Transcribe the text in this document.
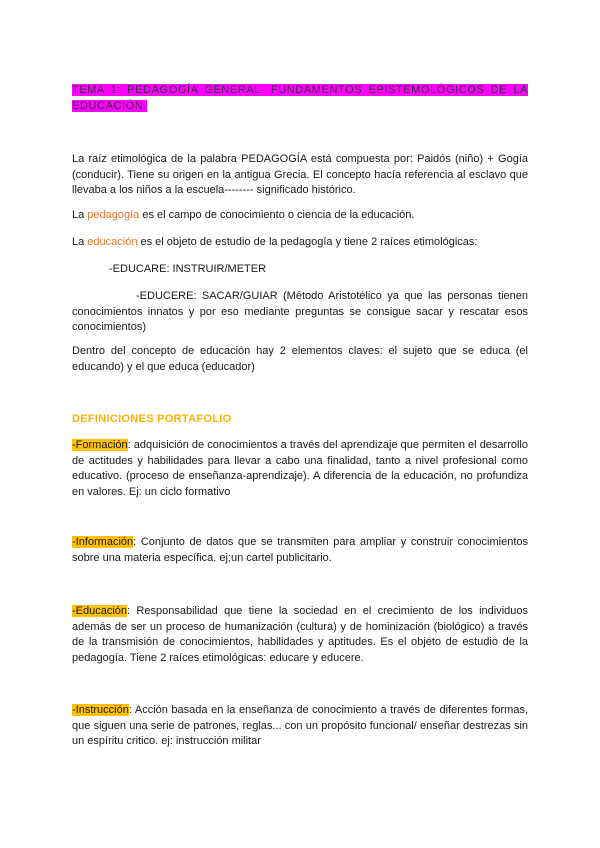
TEMA 1: PEDAGOGÍA GENERAL. FUNDAMENTOS EPISTEMOLÓGICOS DE LA EDUCACIÓN.

La raíz etimológica de la palabra PEDAGOGÍA está compuesta por: Paidós (niño) + Gogía (conducir). Tiene su origen en la antigua Grecia. El concepto hacía referencia al esclavo que llevaba a los niños a la escuela-------- significado histórico.

La pedagogía es el campo de conocimiento o ciencia de la educación.

La educación es el objeto de estudio de la pedagogía y tiene 2 raíces etimológicas:

-EDUCARE: INSTRUIR/METER

-EDUCERE: SACAR/GUIAR (Método Aristotélico ya que las personas tienen conocimientos innatos y por eso mediante preguntas se consigue sacar y rescatar esos conocimientos)

Dentro del concepto de educación hay 2 elementos claves: el sujeto que se educa (el educando) y el que educa (educador)

DEFINICIONES PORTAFOLIO

-Formación: adquisición de conocimientos a través del aprendizaje que permiten el desarrollo de actitudes y habilidades para llevar a cabo una finalidad, tanto a nivel profesional como educativo. (proceso de enseñanza-aprendizaje). A diferencia de la educación, no profundiza en valores. Ej: un ciclo formativo

-Información: Conjunto de datos que se transmiten para ampliar y construir conocimientos sobre una materia específica. ej;un cartel publicitario.

-Educación: Responsabilidad que tiene la sociedad en el crecimiento de los individuos además de ser un proceso de humanización (cultura) y de hominización (biológico) a través de la transmisión de conocimientos, habilidades y aptitudes. Es el objeto de estudio de la pedagogía. Tiene 2 raíces etimológicas: educare y educere.

-Instrucción: Acción basada en la enseñanza de conocimiento a través de diferentes formas, que siguen una serie de patrones, reglas... con un propósito funcional/ enseñar destrezas sin un espíritu critico. ej: instrucción militar
